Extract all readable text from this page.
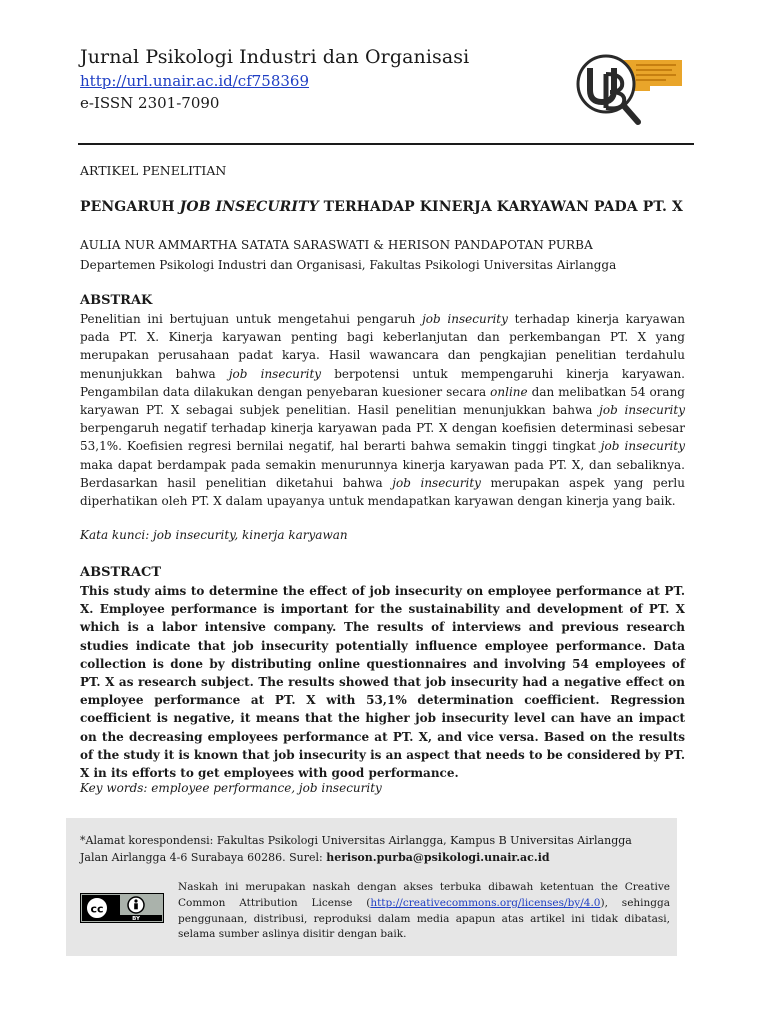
Jurnal Psikologi Industri dan Organisasi
http://url.unair.ac.id/cf758369
e-ISSN 2301-7090
ARTIKEL PENELITIAN
PENGARUH JOB INSECURITY TERHADAP KINERJA KARYAWAN PADA PT. X
AULIA NUR AMMARTHA SATATA SARASWATI & HERISON PANDAPOTAN PURBA
Departemen Psikologi Industri dan Organisasi, Fakultas Psikologi Universitas Airlangga
ABSTRAK
Penelitian ini bertujuan untuk mengetahui pengaruh job insecurity terhadap kinerja karyawan pada PT. X. Kinerja karyawan penting bagi keberlanjutan dan perkembangan PT. X yang merupakan perusahaan padat karya. Hasil wawancara dan pengkajian penelitian terdahulu menunjukkan bahwa job insecurity berpotensi untuk mempengaruhi kinerja karyawan. Pengambilan data dilakukan dengan penyebaran kuesioner secara online dan melibatkan 54 orang karyawan PT. X sebagai subjek penelitian. Hasil penelitian menunjukkan bahwa job insecurity berpengaruh negatif terhadap kinerja karyawan pada PT. X dengan koefisien determinasi sebesar 53,1%. Koefisien regresi bernilai negatif, hal berarti bahwa semakin tinggi tingkat job insecurity maka dapat berdampak pada semakin menurunnya kinerja karyawan pada PT. X, dan sebaliknya. Berdasarkan hasil penelitian diketahui bahwa job insecurity merupakan aspek yang perlu diperhatikan oleh PT. X dalam upayanya untuk mendapatkan karyawan dengan kinerja yang baik.
Kata kunci: job insecurity, kinerja karyawan
ABSTRACT
This study aims to determine the effect of job insecurity on employee performance at PT. X. Employee performance is important for the sustainability and development of PT. X which is a labor intensive company. The results of interviews and previous research studies indicate that job insecurity potentially influence employee performance. Data collection is done by distributing online questionnaires and involving 54 employees of PT. X as research subject. The results showed that job insecurity had a negative effect on employee performance at PT. X with 53,1% determination coefficient. Regression coefficient is negative, it means that the higher job insecurity level can have an impact on the decreasing employees performance at PT. X, and vice versa. Based on the results of the study it is known that job insecurity is an aspect that needs to be considered by PT. X in its efforts to get employees with good performance.
Key words: employee performance, job insecurity
*Alamat korespondensi: Fakultas Psikologi Universitas Airlangga, Kampus B Universitas Airlangga Jalan Airlangga 4-6 Surabaya 60286. Surel: herison.purba@psikologi.unair.ac.id
cc
BY
Naskah ini merupakan naskah dengan akses terbuka dibawah ketentuan the Creative Common Attribution License (http://creativecommons.org/licenses/by/4.0), sehingga penggunaan, distribusi, reproduksi dalam media apapun atas artikel ini tidak dibatasi, selama sumber aslinya disitir dengan baik.
